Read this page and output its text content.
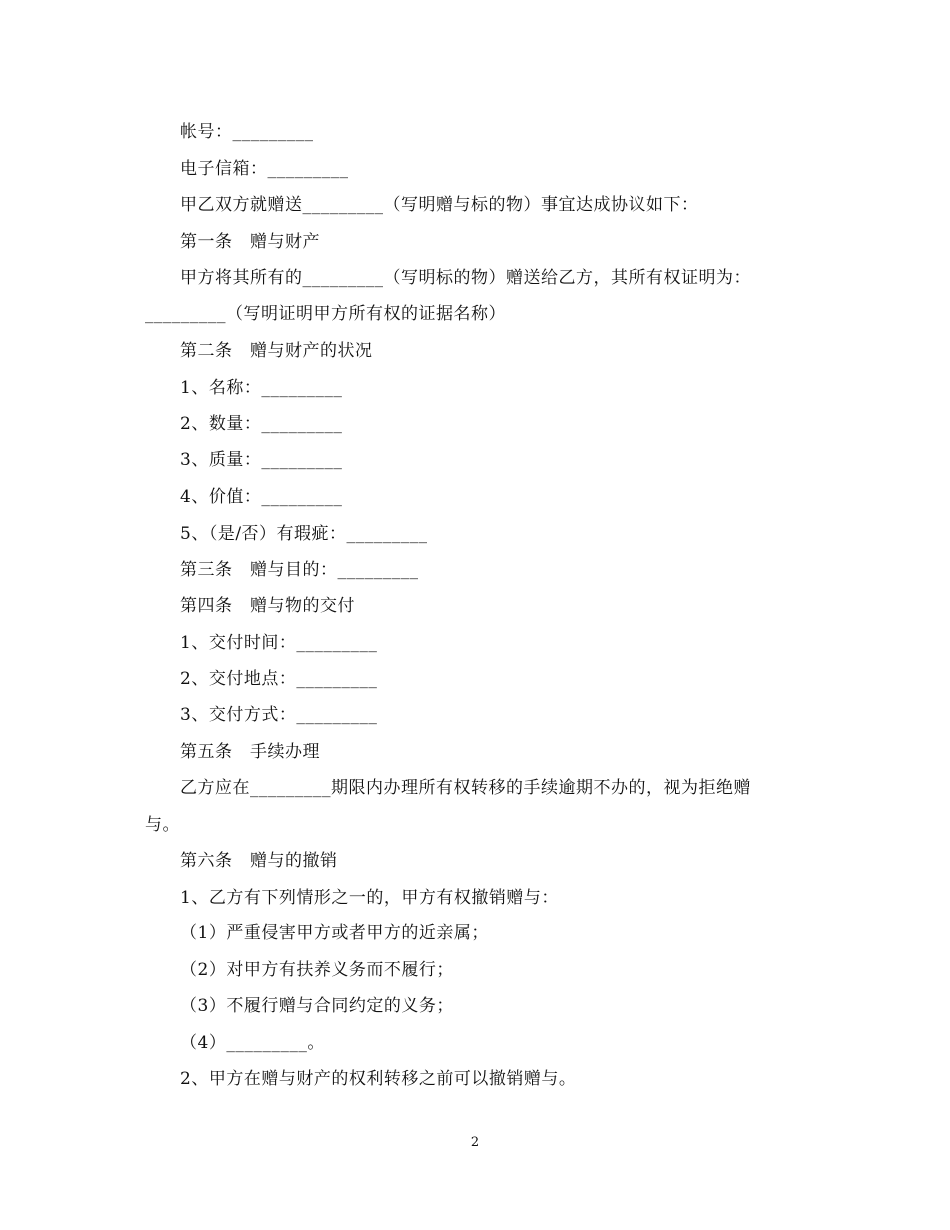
帐号：_________
电子信箱：_________
甲乙双方就赠送_________（写明赠与标的物）事宜达成协议如下：
第一条　赠与财产
甲方将其所有的_________（写明标的物）赠送给乙方，其所有权证明为：
_________（写明证明甲方所有权的证据名称）
第二条　赠与财产的状况
1、名称：_________
2、数量：_________
3、质量：_________
4、价值：_________
5、（是/否）有瑕疵：_________
第三条　赠与目的：_________
第四条　赠与物的交付
1、交付时间：_________
2、交付地点：_________
3、交付方式：_________
第五条　手续办理
乙方应在_________期限内办理所有权转移的手续逾期不办的，视为拒绝赠
与。
第六条　赠与的撤销
1、乙方有下列情形之一的，甲方有权撤销赠与：
（1）严重侵害甲方或者甲方的近亲属；
（2）对甲方有扶养义务而不履行；
（3）不履行赠与合同约定的义务；
（4）_________。
2、甲方在赠与财产的权利转移之前可以撤销赠与。
2
